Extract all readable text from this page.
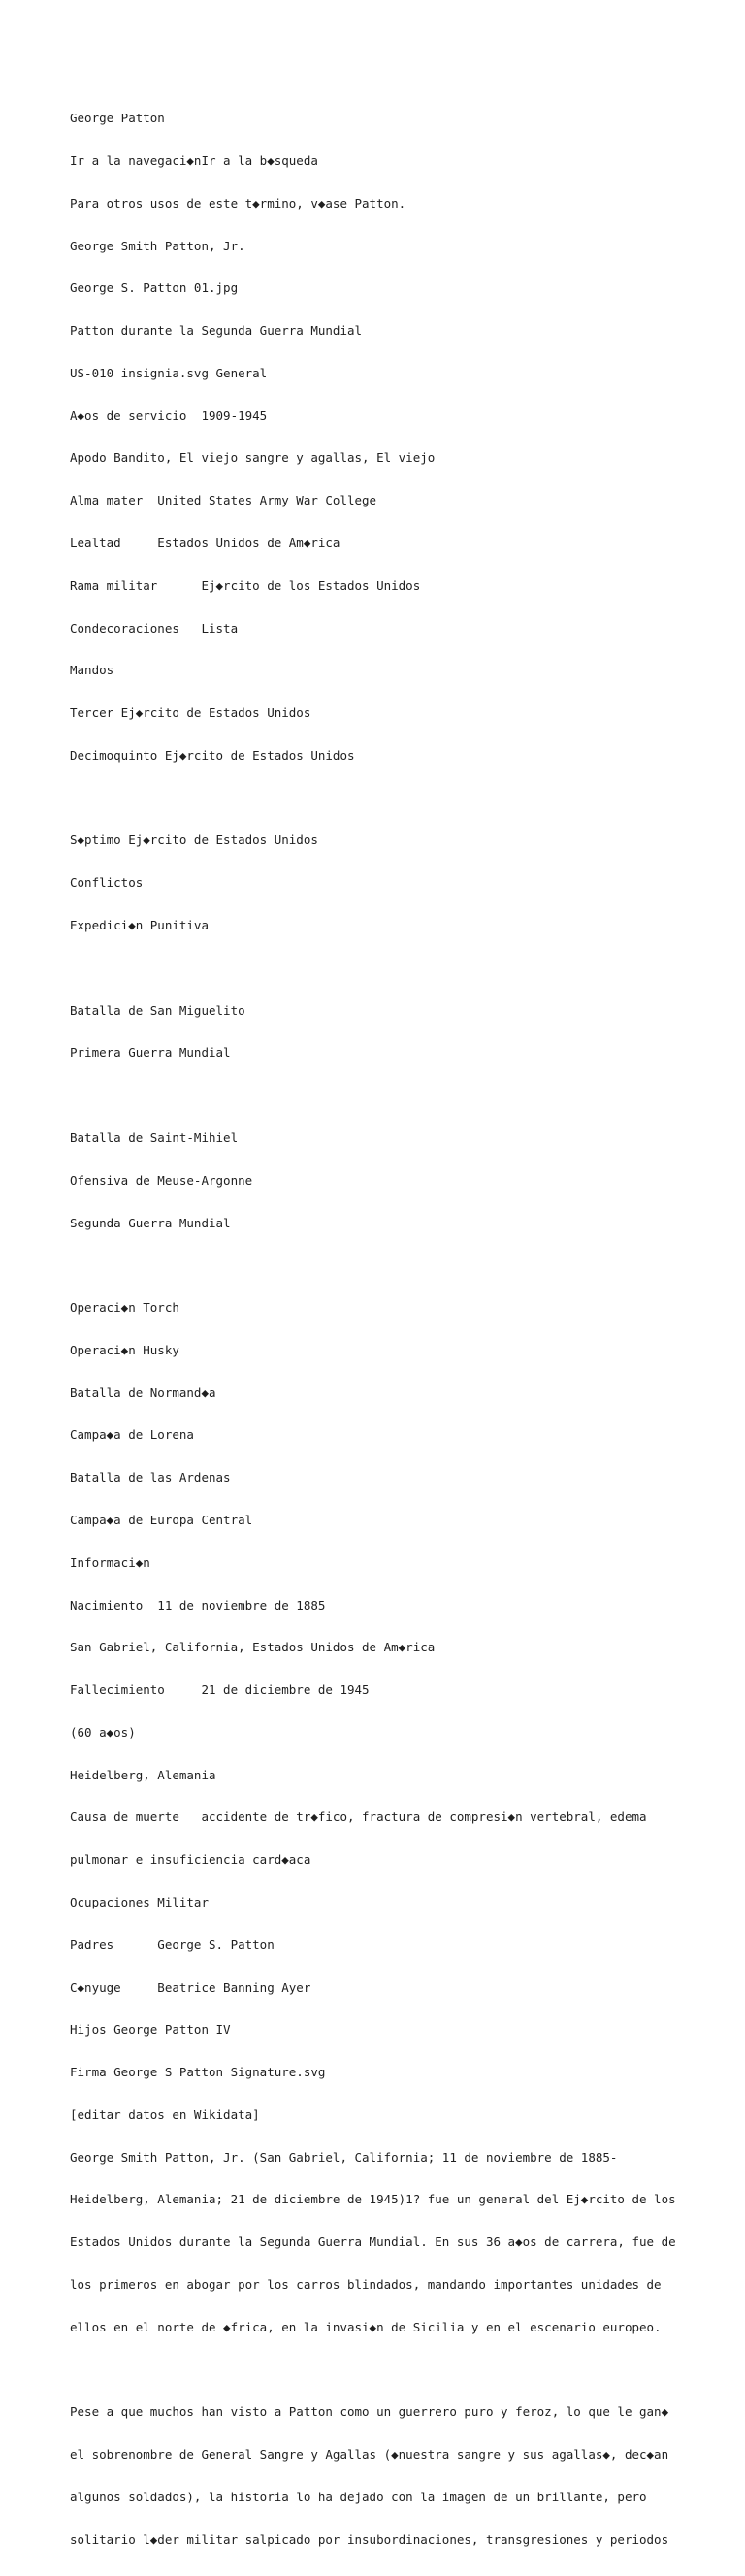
George Patton

Ir a la navegaci◆nIr a la b◆squeda

Para otros usos de este t◆rmino, v◆ase Patton.

George Smith Patton, Jr.

George S. Patton 01.jpg

Patton durante la Segunda Guerra Mundial

US-010 insignia.svg General

A◆os de servicio  1909-1945

Apodo Bandito, El viejo sangre y agallas, El viejo

Alma mater  United States Army War College

Lealtad     Estados Unidos de Am◆rica

Rama militar      Ej◆rcito de los Estados Unidos

Condecoraciones   Lista

Mandos

Tercer Ej◆rcito de Estados Unidos

Decimoquinto Ej◆rcito de Estados Unidos

S◆ptimo Ej◆rcito de Estados Unidos

Conflictos

Expedici◆n Punitiva

Batalla de San Miguelito

Primera Guerra Mundial

Batalla de Saint-Mihiel

Ofensiva de Meuse-Argonne

Segunda Guerra Mundial

Operaci◆n Torch

Operaci◆n Husky

Batalla de Normand◆a

Campa◆a de Lorena

Batalla de las Ardenas

Campa◆a de Europa Central

Informaci◆n

Nacimiento  11 de noviembre de 1885

San Gabriel, California, Estados Unidos de Am◆rica

Fallecimiento     21 de diciembre de 1945

(60 a◆os)

Heidelberg, Alemania

Causa de muerte   accidente de tr◆fico, fractura de compresi◆n vertebral, edema

pulmonar e insuficiencia card◆aca

Ocupaciones Militar

Padres      George S. Patton

C◆nyuge     Beatrice Banning Ayer

Hijos George Patton IV

Firma George S Patton Signature.svg

[editar datos en Wikidata]

George Smith Patton, Jr. (San Gabriel, California; 11 de noviembre de 1885-

Heidelberg, Alemania; 21 de diciembre de 1945)1? fue un general del Ej◆rcito de los

Estados Unidos durante la Segunda Guerra Mundial. En sus 36 a◆os de carrera, fue de

los primeros en abogar por los carros blindados, mandando importantes unidades de

ellos en el norte de ◆frica, en la invasi◆n de Sicilia y en el escenario europeo.

Pese a que muchos han visto a Patton como un guerrero puro y feroz, lo que le gan◆

el sobrenombre de General Sangre y Agallas (◆nuestra sangre y sus agallas◆, dec◆an

algunos soldados), la historia lo ha dejado con la imagen de un brillante, pero

solitario l◆der militar salpicado por insubordinaciones, transgresiones y periodos
